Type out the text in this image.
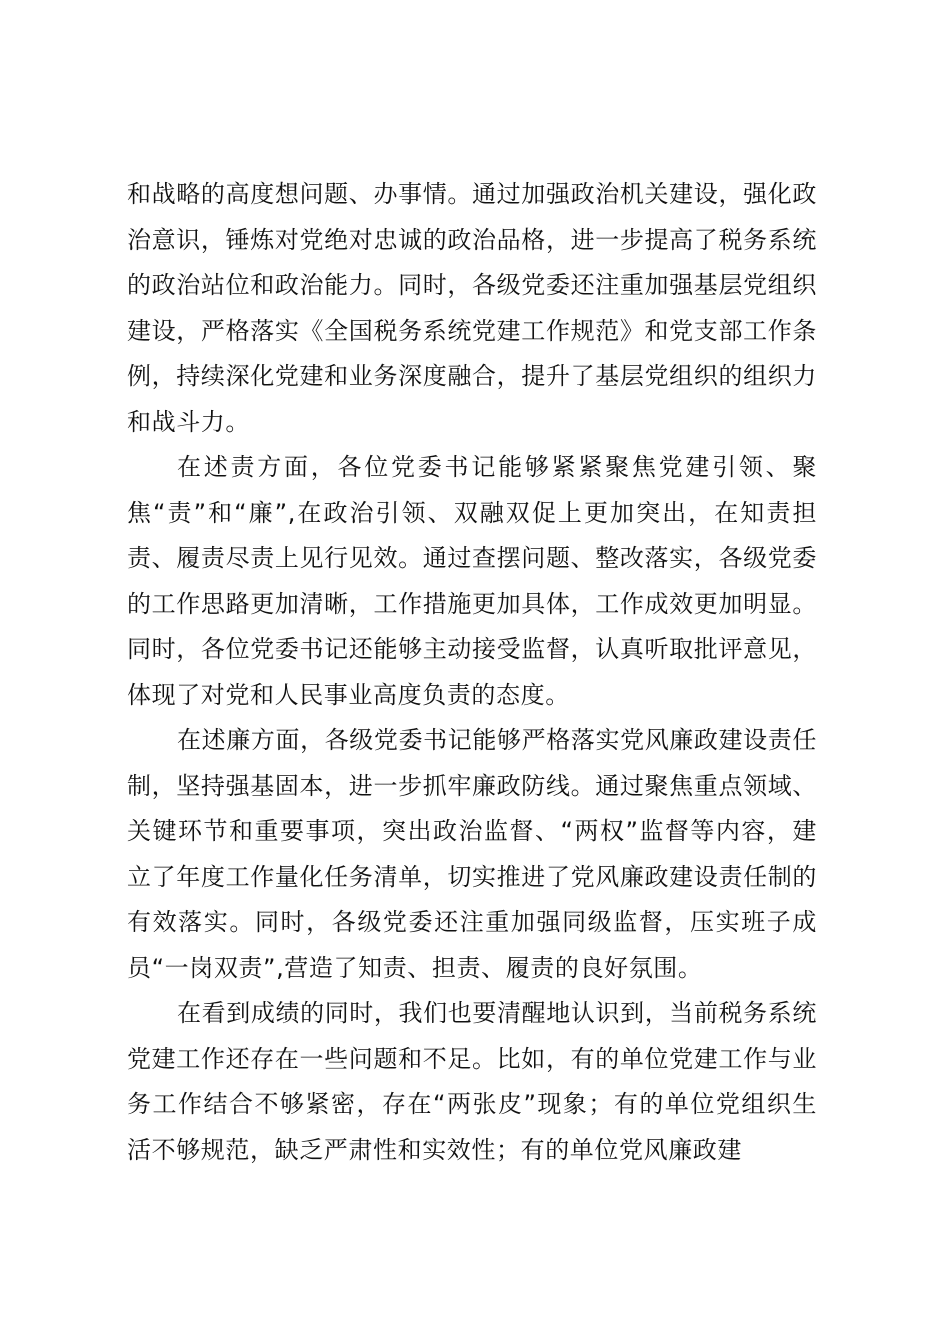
和战略的高度想问题、办事情。通过加强政治机关建设，强化政治意识，锤炼对党绝对忠诚的政治品格，进一步提高了税务系统的政治站位和政治能力。同时，各级党委还注重加强基层党组织建设，严格落实《全国税务系统党建工作规范》和党支部工作条例，持续深化党建和业务深度融合，提升了基层党组织的组织力和战斗力。

在述责方面，各位党委书记能够紧紧聚焦党建引领、聚焦“责”和“廉”,在政治引领、双融双促上更加突出，在知责担责、履责尽责上见行见效。通过查摆问题、整改落实，各级党委的工作思路更加清晰，工作措施更加具体，工作成效更加明显。同时，各位党委书记还能够主动接受监督，认真听取批评意见，体现了对党和人民事业高度负责的态度。

在述廉方面，各级党委书记能够严格落实党风廉政建设责任制，坚持强基固本，进一步抓牢廉政防线。通过聚焦重点领域、关键环节和重要事项，突出政治监督、“两权”监督等内容，建立了年度工作量化任务清单，切实推进了党风廉政建设责任制的有效落实。同时，各级党委还注重加强同级监督，压实班子成员“一岗双责”,营造了知责、担责、履责的良好氛围。

在看到成绩的同时，我们也要清醒地认识到，当前税务系统党建工作还存在一些问题和不足。比如，有的单位党建工作与业务工作结合不够紧密，存在“两张皮”现象；有的单位党组织生活不够规范，缺乏严肃性和实效性；有的单位党风廉政建
